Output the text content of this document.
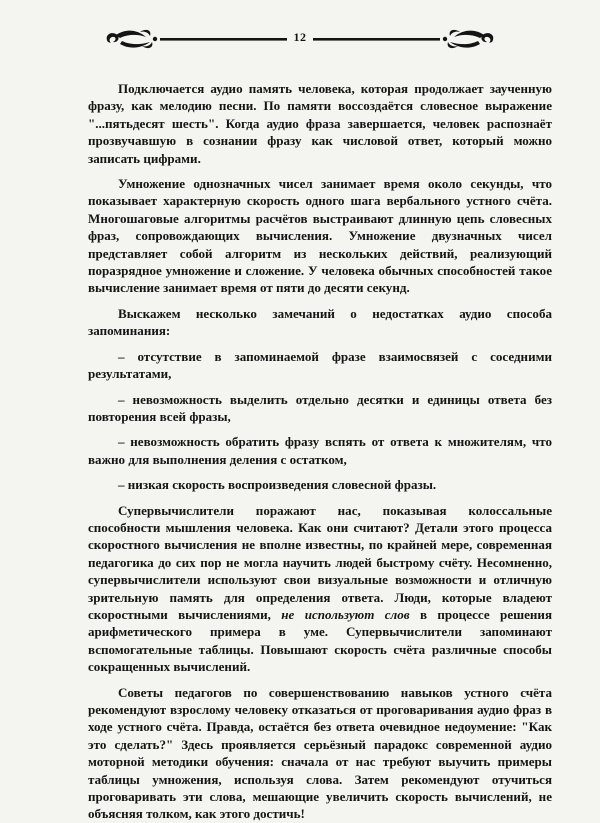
12

Подключается аудио память человека, которая продолжает заученную фразу, как мелодию песни. По памяти воссоздаётся словесное выражение "...пятьдесят шесть". Когда аудио фраза завершается, человек распознаёт прозвучавшую в сознании фразу как числовой ответ, который можно записать цифрами.

Умножение однозначных чисел занимает время около секунды, что показывает характерную скорость одного шага вербального устного счёта. Многошаговые алгоритмы расчётов выстраивают длинную цепь словесных фраз, сопровождающих вычисления. Умножение двузначных чисел представляет собой алгоритм из нескольких действий, реализующий поразрядное умножение и сложение. У человека обычных способностей такое вычисление занимает время от пяти до десяти секунд.

Выскажем несколько замечаний о недостатках аудио способа запоминания:

– отсутствие в запоминаемой фразе взаимосвязей с соседними результатами,

– невозможность выделить отдельно десятки и единицы ответа без повторения всей фразы,

– невозможность обратить фразу вспять от ответа к множителям, что важно для выполнения деления с остатком,

– низкая скорость воспроизведения словесной фразы.

Супервычислители поражают нас, показывая колоссальные способности мышления человека. Как они считают? Детали этого процесса скоростного вычисления не вполне известны, по крайней мере, современная педагогика до сих пор не могла научить людей быстрому счёту. Несомненно, супервычислители используют свои визуальные возможности и отличную зрительную память для определения ответа. Люди, которые владеют скоростными вычислениями, не используют слов в процессе решения арифметического примера в уме. Супервычислители запоминают вспомогательные таблицы. Повышают скорость счёта различные способы сокращенных вычислений.

Советы педагогов по совершенствованию навыков устного счёта рекомендуют взрослому человеку отказаться от проговаривания аудио фраз в ходе устного счёта. Правда, остаётся без ответа очевидное недоумение: "Как это сделать?" Здесь проявляется серьёзный парадокс современной аудио моторной методики обучения: сначала от нас требуют выучить примеры таблицы умножения, используя слова. Затем рекомендуют отучиться проговаривать эти слова, мешающие увеличить скорость вычислений, не объясняя толком, как этого достичь!
